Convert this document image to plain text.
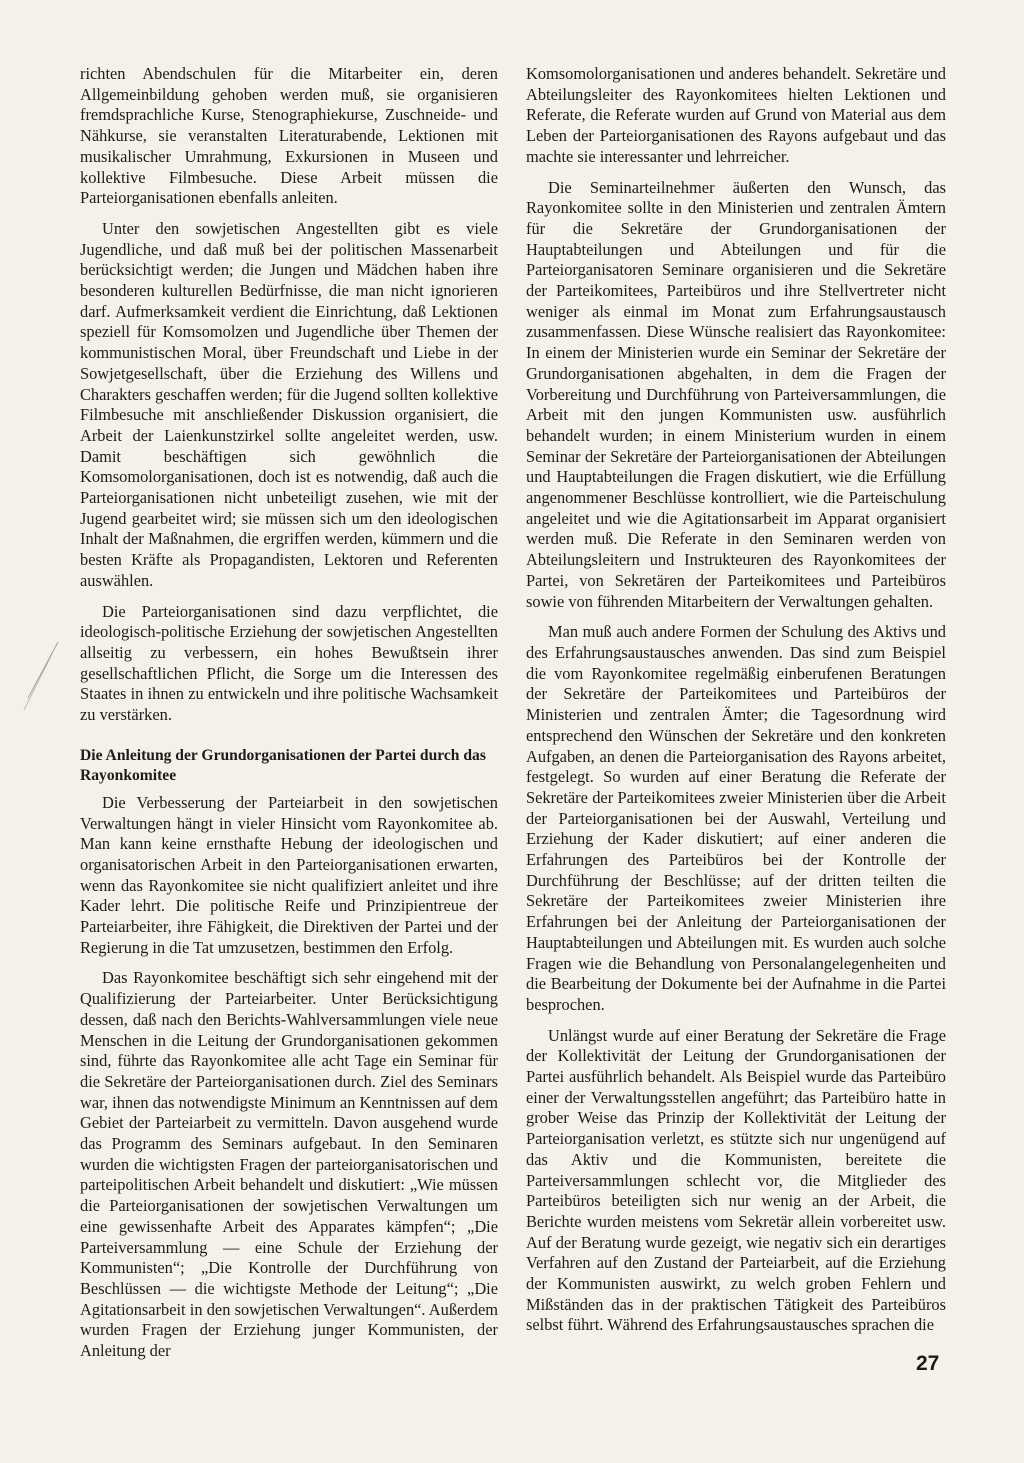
richten Abendschulen für die Mitarbeiter ein, deren Allgemeinbildung gehoben werden muß, sie organisieren fremdsprachliche Kurse, Stenographiekurse, Zuschneide- und Nähkurse, sie veranstalten Literaturabende, Lektionen mit musikalischer Umrahmung, Exkursionen in Museen und kollektive Filmbesuche. Diese Arbeit müssen die Parteiorganisationen ebenfalls anleiten.

Unter den sowjetischen Angestellten gibt es viele Jugendliche, und daß muß bei der politischen Massenarbeit berücksichtigt werden; die Jungen und Mädchen haben ihre besonderen kulturellen Bedürfnisse, die man nicht ignorieren darf. Aufmerksamkeit verdient die Einrichtung, daß Lektionen speziell für Komsomolzen und Jugendliche über Themen der kommunistischen Moral, über Freundschaft und Liebe in der Sowjetgesellschaft, über die Erziehung des Willens und Charakters geschaffen werden; für die Jugend sollten kollektive Filmbesuche mit anschließender Diskussion organisiert, die Arbeit der Laienkunstzirkel sollte angeleitet werden, usw. Damit beschäftigen sich gewöhnlich die Komsomolorganisationen, doch ist es notwendig, daß auch die Parteiorganisationen nicht unbeteiligt zusehen, wie mit der Jugend gearbeitet wird; sie müssen sich um den ideologischen Inhalt der Maßnahmen, die ergriffen werden, kümmern und die besten Kräfte als Propagandisten, Lektoren und Referenten auswählen.

Die Parteiorganisationen sind dazu verpflichtet, die ideologisch-politische Erziehung der sowjetischen Angestellten allseitig zu verbessern, ein hohes Bewußtsein ihrer gesellschaftlichen Pflicht, die Sorge um die Interessen des Staates in ihnen zu entwickeln und ihre politische Wachsamkeit zu verstärken.

Die Anleitung der Grundorganisationen der Partei durch das Rayonkomitee

Die Verbesserung der Parteiarbeit in den sowjetischen Verwaltungen hängt in vieler Hinsicht vom Rayonkomitee ab. Man kann keine ernsthafte Hebung der ideologischen und organisatorischen Arbeit in den Parteiorganisationen erwarten, wenn das Rayonkomitee sie nicht qualifiziert anleitet und ihre Kader lehrt. Die politische Reife und Prinzipientreue der Parteiarbeiter, ihre Fähigkeit, die Direktiven der Partei und der Regierung in die Tat umzusetzen, bestimmen den Erfolg.

Das Rayonkomitee beschäftigt sich sehr eingehend mit der Qualifizierung der Parteiarbeiter. Unter Berücksichtigung dessen, daß nach den Berichts-Wahlversammlungen viele neue Menschen in die Leitung der Grundorganisationen gekommen sind, führte das Rayonkomitee alle acht Tage ein Seminar für die Sekretäre der Parteiorganisationen durch. Ziel des Seminars war, ihnen das notwendigste Minimum an Kenntnissen auf dem Gebiet der Parteiarbeit zu vermitteln. Davon ausgehend wurde das Programm des Seminars aufgebaut. In den Seminaren wurden die wichtigsten Fragen der parteiorganisatorischen und parteipolitischen Arbeit behandelt und diskutiert: „Wie müssen die Parteiorganisationen der sowjetischen Verwaltungen um eine gewissenhafte Arbeit des Apparates kämpfen“; „Die Parteiversammlung — eine Schule der Erziehung der Kommunisten“; „Die Kontrolle der Durchführung von Beschlüssen — die wichtigste Methode der Leitung“; „Die Agitationsarbeit in den sowjetischen Verwaltungen“. Außerdem wurden Fragen der Erziehung junger Kommunisten, der Anleitung der

Komsomolorganisationen und anderes behandelt. Sekretäre und Abteilungsleiter des Rayonkomitees hielten Lektionen und Referate, die Referate wurden auf Grund von Material aus dem Leben der Parteiorganisationen des Rayons aufgebaut und das machte sie interessanter und lehrreicher.

Die Seminarteilnehmer äußerten den Wunsch, das Rayonkomitee sollte in den Ministerien und zentralen Ämtern für die Sekretäre der Grundorganisationen der Hauptabteilungen und Abteilungen und für die Parteiorganisatoren Seminare organisieren und die Sekretäre der Parteikomitees, Parteibüros und ihre Stellvertreter nicht weniger als einmal im Monat zum Erfahrungsaustausch zusammenfassen. Diese Wünsche realisiert das Rayonkomitee: In einem der Ministerien wurde ein Seminar der Sekretäre der Grundorganisationen abgehalten, in dem die Fragen der Vorbereitung und Durchführung von Parteiversammlungen, die Arbeit mit den jungen Kommunisten usw. ausführlich behandelt wurden; in einem Ministerium wurden in einem Seminar der Sekretäre der Parteiorganisationen der Abteilungen und Hauptabteilungen die Fragen diskutiert, wie die Erfüllung angenommener Beschlüsse kontrolliert, wie die Parteischulung angeleitet und wie die Agitationsarbeit im Apparat organisiert werden muß. Die Referate in den Seminaren werden von Abteilungsleitern und Instrukteuren des Rayonkomitees der Partei, von Sekretären der Parteikomitees und Parteibüros sowie von führenden Mitarbeitern der Verwaltungen gehalten.

Man muß auch andere Formen der Schulung des Aktivs und des Erfahrungsaustausches anwenden. Das sind zum Beispiel die vom Rayonkomitee regelmäßig einberufenen Beratungen der Sekretäre der Parteikomitees und Parteibüros der Ministerien und zentralen Ämter; die Tagesordnung wird entsprechend den Wünschen der Sekretäre und den konkreten Aufgaben, an denen die Parteiorganisation des Rayons arbeitet, festgelegt. So wurden auf einer Beratung die Referate der Sekretäre der Parteikomitees zweier Ministerien über die Arbeit der Parteiorganisationen bei der Auswahl, Verteilung und Erziehung der Kader diskutiert; auf einer anderen die Erfahrungen des Parteibüros bei der Kontrolle der Durchführung der Beschlüsse; auf der dritten teilten die Sekretäre der Parteikomitees zweier Ministerien ihre Erfahrungen bei der Anleitung der Parteiorganisationen der Hauptabteilungen und Abteilungen mit. Es wurden auch solche Fragen wie die Behandlung von Personalangelegenheiten und die Bearbeitung der Dokumente bei der Aufnahme in die Partei besprochen.

Unlängst wurde auf einer Beratung der Sekretäre die Frage der Kollektivität der Leitung der Grundorganisationen der Partei ausführlich behandelt. Als Beispiel wurde das Parteibüro einer der Verwaltungsstellen angeführt; das Parteibüro hatte in grober Weise das Prinzip der Kollektivität der Leitung der Parteiorganisation verletzt, es stützte sich nur ungenügend auf das Aktiv und die Kommunisten, bereitete die Parteiversammlungen schlecht vor, die Mitglieder des Parteibüros beteiligten sich nur wenig an der Arbeit, die Berichte wurden meistens vom Sekretär allein vorbereitet usw. Auf der Beratung wurde gezeigt, wie negativ sich ein derartiges Verfahren auf den Zustand der Parteiarbeit, auf die Erziehung der Kommunisten auswirkt, zu welch groben Fehlern und Mißständen das in der praktischen Tätigkeit des Parteibüros selbst führt. Während des Erfahrungsaustausches sprachen die

27
